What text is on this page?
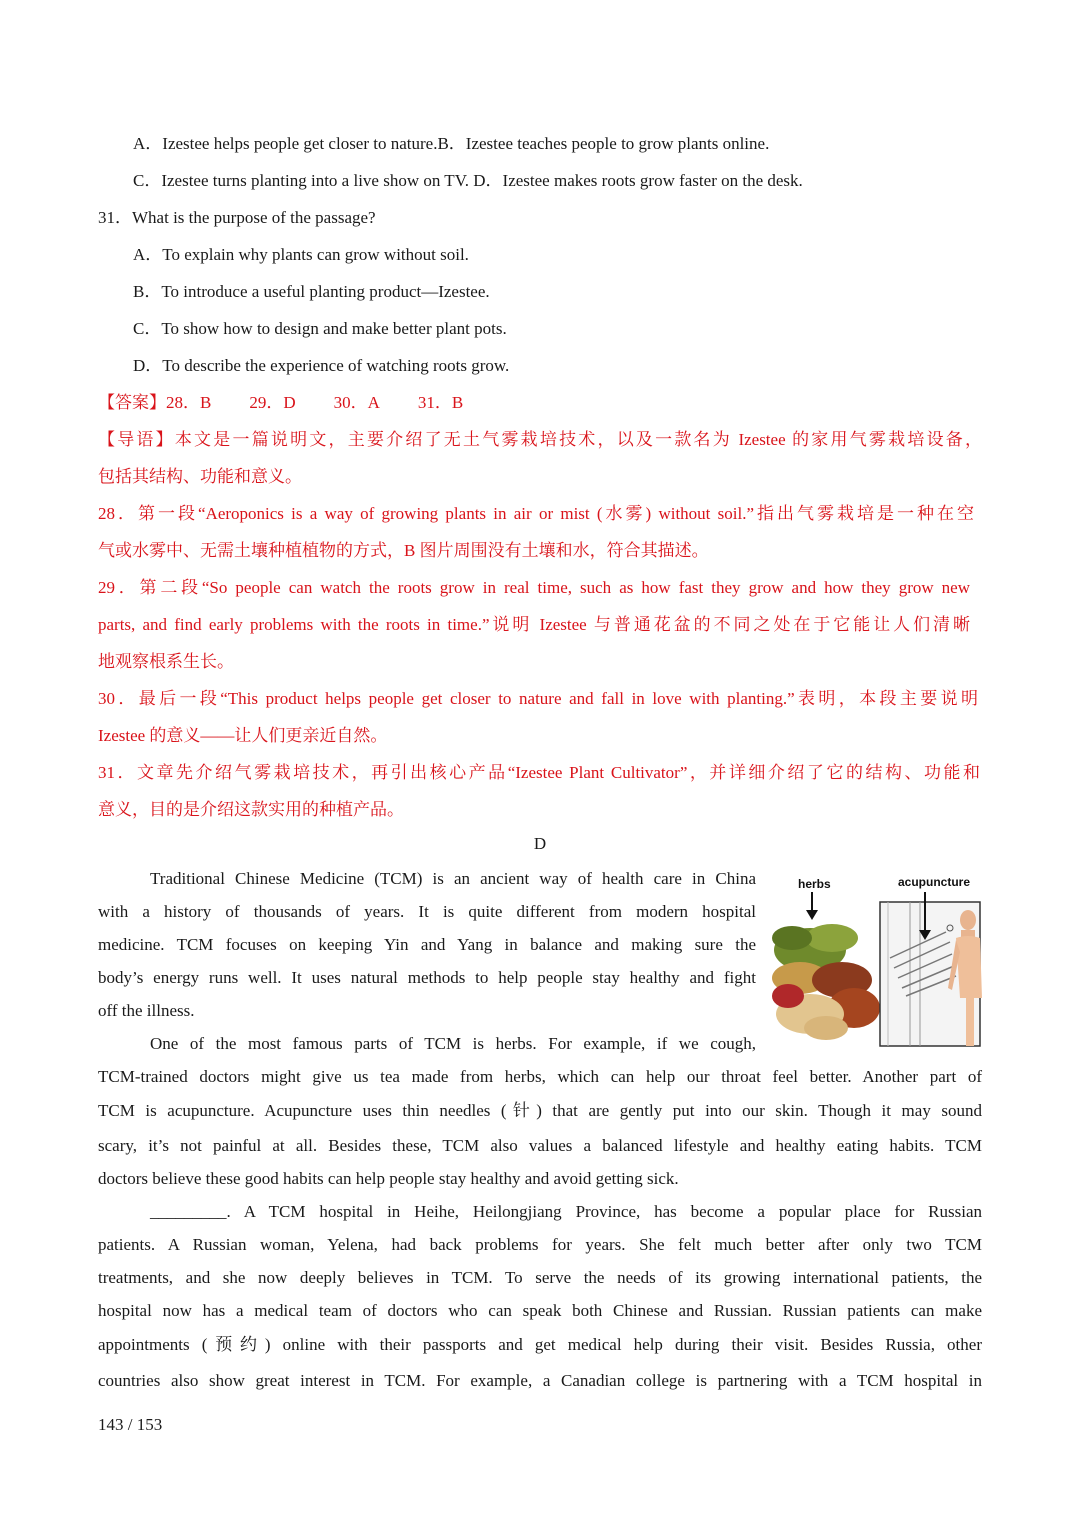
A．Izestee helps people get closer to nature.B．Izestee teaches people to grow plants online.
C．Izestee turns planting into a live show on TV. D．Izestee makes roots grow faster on the desk.
31．What is the purpose of the passage?
A．To explain why plants can grow without soil.
B．To introduce a useful planting product—Izestee.
C．To show how to design and make better plant pots.
D．To describe the experience of watching roots grow.
【答案】28．B 29．D 30．A 31．B
【导语】本文是一篇说明文，主要介绍了无土气雾栽培技术，以及一款名为 Izestee 的家用气雾栽培设备，
包括其结构、功能和意义。
28．第一段“Aeroponics is a way of growing plants in air or mist (水雾) without soil.”指出气雾栽培是一种在空
气或水雾中、无需土壤种植植物的方式，B 图片周围没有土壤和水，符合其描述。
29．第二段“So people can watch the roots grow in real time, such as how fast they grow and how they grow new
parts, and find early problems with the roots in time.”说明 Izestee 与普通花盆的不同之处在于它能让人们清晰
地观察根系生长。
30．最后一段“This product helps people get closer to nature and fall in love with planting.”表明，本段主要说明
Izestee 的意义——让人们更亲近自然。
31．文章先介绍气雾栽培技术，再引出核心产品“Izestee Plant Cultivator”，并详细介绍了它的结构、功能和
意义，目的是介绍这款实用的种植产品。
D
Traditional Chinese Medicine (TCM) is an ancient way of health care in China
with a history of thousands of years. It is quite different from modern hospital
medicine. TCM focuses on keeping Yin and Yang in balance and making sure the
body’s energy runs well. It uses natural methods to help people stay healthy and fight
off the illness.
One of the most famous parts of TCM is herbs. For example, if we cough,
TCM-trained doctors might give us tea made from herbs, which can help our throat feel better. Another part of
TCM is acupuncture. Acupuncture uses thin needles (针) that are gently put into our skin. Though it may sound
scary, it’s not painful at all. Besides these, TCM also values a balanced lifestyle and healthy eating habits. TCM
doctors believe these good habits can help people stay healthy and avoid getting sick.
_________. A TCM hospital in Heihe, Heilongjiang Province, has become a popular place for Russian
patients. A Russian woman, Yelena, had back problems for years. She felt much better after only two TCM
treatments, and she now deeply believes in TCM. To serve the needs of its growing international patients, the
hospital now has a medical team of doctors who can speak both Chinese and Russian. Russian patients can make
appointments (预约) online with their passports and get medical help during their visit. Besides Russia, other
countries also show great interest in TCM. For example, a Canadian college is partnering with a TCM hospital in
herbs	acupuncture
143 / 153
